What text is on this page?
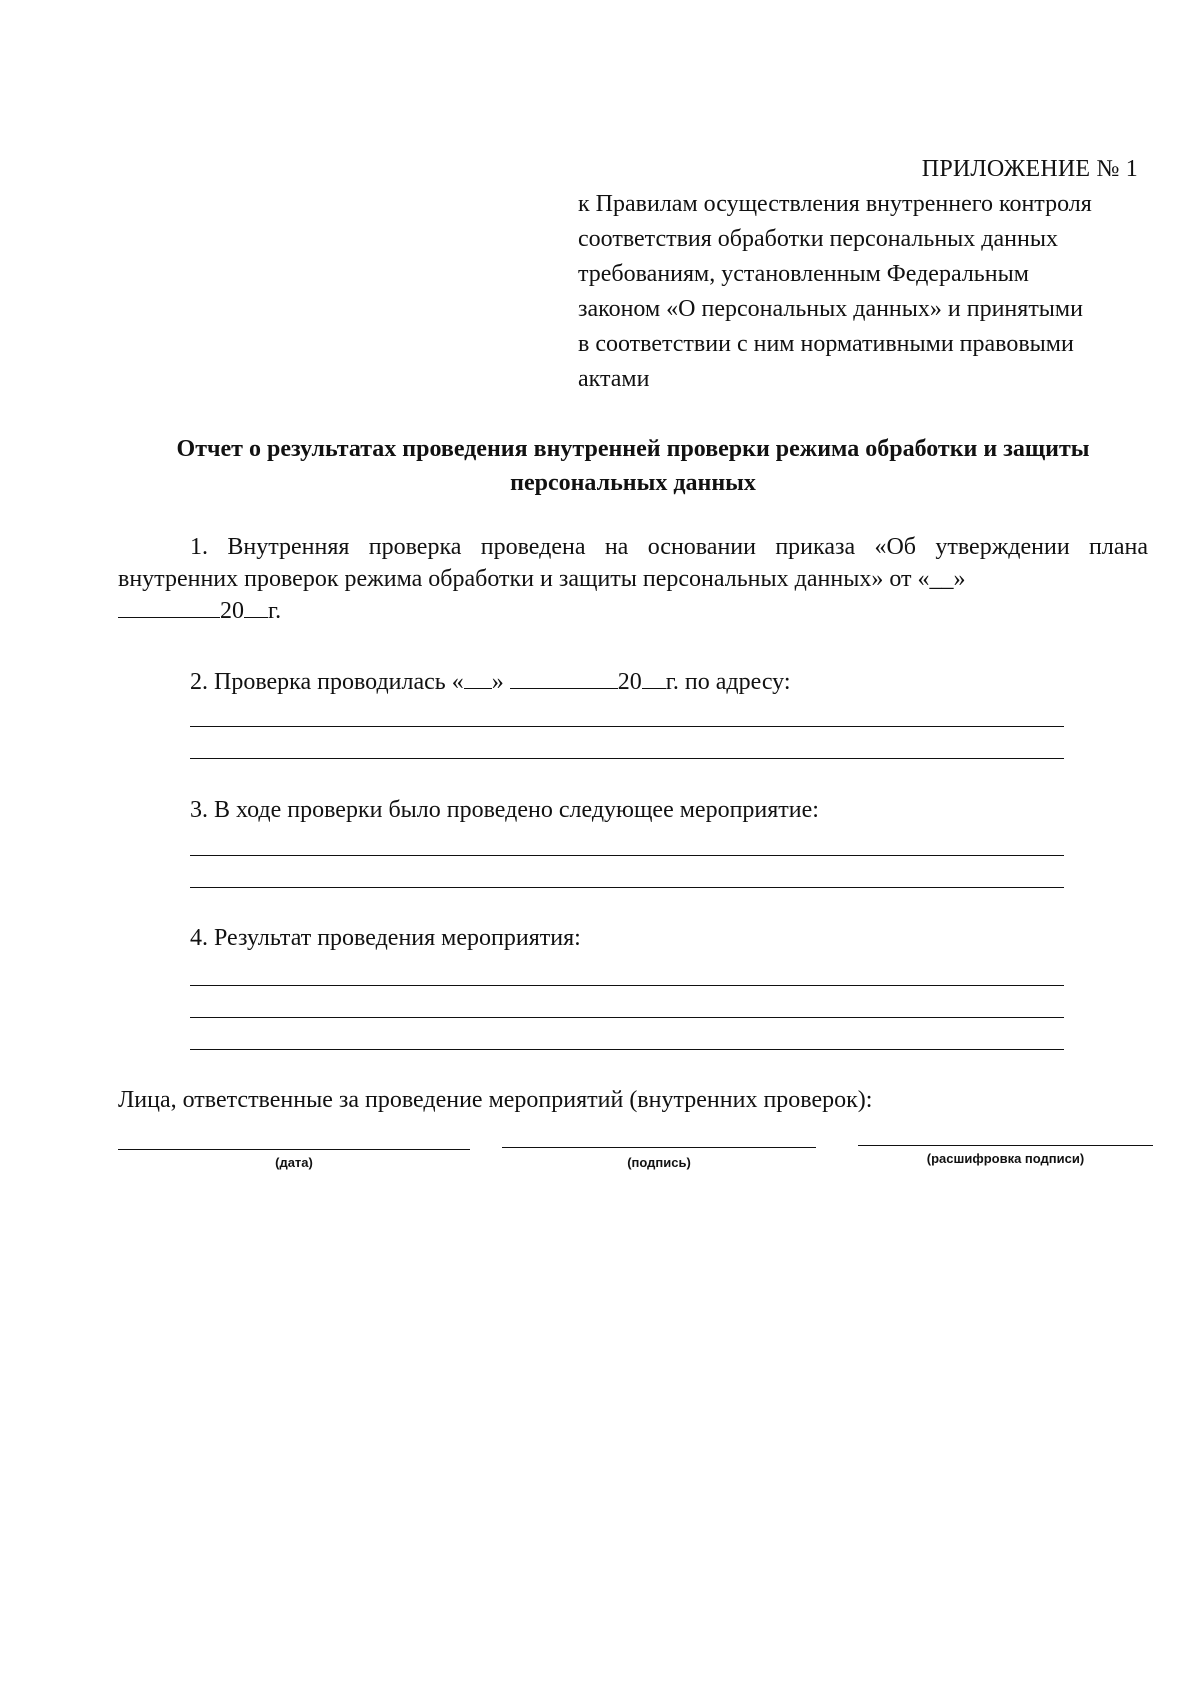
ПРИЛОЖЕНИЕ № 1
к Правилам осуществления внутреннего контроля
соответствия обработки персональных данных
требованиям, установленным Федеральным
законом «О персональных данных» и принятыми
в соответствии с ним нормативными правовыми
актами
Отчет о результатах проведения внутренней проверки режима обработки и защиты
персональных данных
1. Внутренняя проверка проведена на основании приказа «Об утверждении плана внутренних проверок режима обработки и защиты персональных данных» от «__»
20 г.
2. Проверка проводилась « »	20 г. по адресу:
3. В ходе проверки было проведено следующее мероприятие:
4. Результат проведения мероприятия:
Лица, ответственные за проведение мероприятий (внутренних проверок):
(дата)	(подпись)	(расшифровка подписи)
